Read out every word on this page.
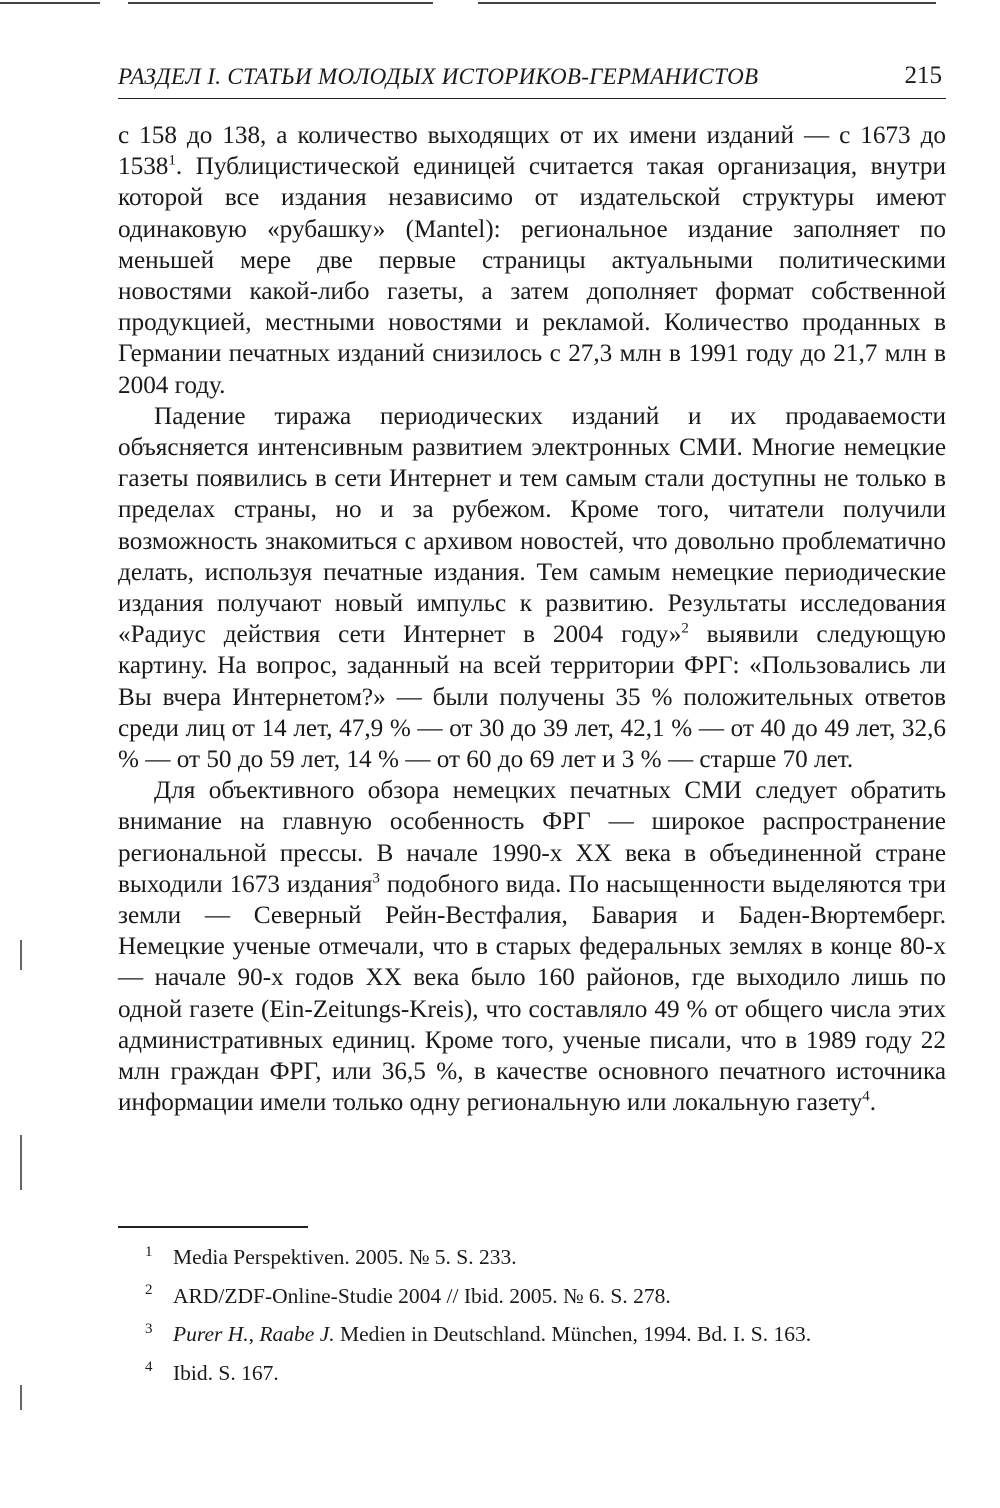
РАЗДЕЛ I. СТАТЬИ МОЛОДЫХ ИСТОРИКОВ-ГЕРМАНИСТОВ	215

с 158 до 138, а количество выходящих от их имени изданий — с 1673 до 1538$^1$. Публицистической единицей считается такая организация, внутри которой все издания независимо от издательской структуры имеют одинаковую «рубашку» (Mantel): региональное издание заполняет по меньшей мере две первые страницы актуальными политическими новостями какой-либо газеты, а затем дополняет формат собственной продукцией, местными новостями и рекламой. Количество проданных в Германии печатных изданий снизилось с 27,3 млн в 1991 году до 21,7 млн в 2004 году.

Падение тиража периодических изданий и их продаваемости объясняется интенсивным развитием электронных СМИ. Многие немецкие газеты появились в сети Интернет и тем самым стали доступны не только в пределах страны, но и за рубежом. Кроме того, читатели получили возможность знакомиться с архивом новостей, что довольно проблематично делать, используя печатные издания. Тем самым немецкие периодические издания получают новый импульс к развитию. Результаты исследования «Радиус действия сети Интернет в 2004 году»$^2$ выявили следующую картину. На вопрос, заданный на всей территории ФРГ: «Пользовались ли Вы вчера Интернетом?» — были получены 35 % положительных ответов среди лиц от 14 лет, 47,9 % — от 30 до 39 лет, 42,1 % — от 40 до 49 лет, 32,6 % — от 50 до 59 лет, 14 % — от 60 до 69 лет и 3 % — старше 70 лет.

Для объективного обзора немецких печатных СМИ следует обратить внимание на главную особенность ФРГ — широкое распространение региональной прессы. В начале 1990-х XX века в объединенной стране выходили 1673 издания$^3$ подобного вида. По насыщенности выделяются три земли — Северный Рейн-Вестфалия, Бавария и Баден-Вюртемберг. Немецкие ученые отмечали, что в старых федеральных землях в конце 80-х — начале 90-х годов XX века было 160 районов, где выходило лишь по одной газете (Ein-Zeitungs-Kreis), что составляло 49 % от общего числа этих административных единиц. Кроме того, ученые писали, что в 1989 году 22 млн граждан ФРГ, или 36,5 %, в качестве основного печатного источника информации имели только одну региональную или локальную газету$^4$.

1 Media Perspektiven. 2005. № 5. S. 233.
2 ARD/ZDF-Online-Studie 2004 // Ibid. 2005. № 6. S. 278.
3 Purer H., Raabe J. Medien in Deutschland. München, 1994. Bd. I. S. 163.
4 Ibid. S. 167.
